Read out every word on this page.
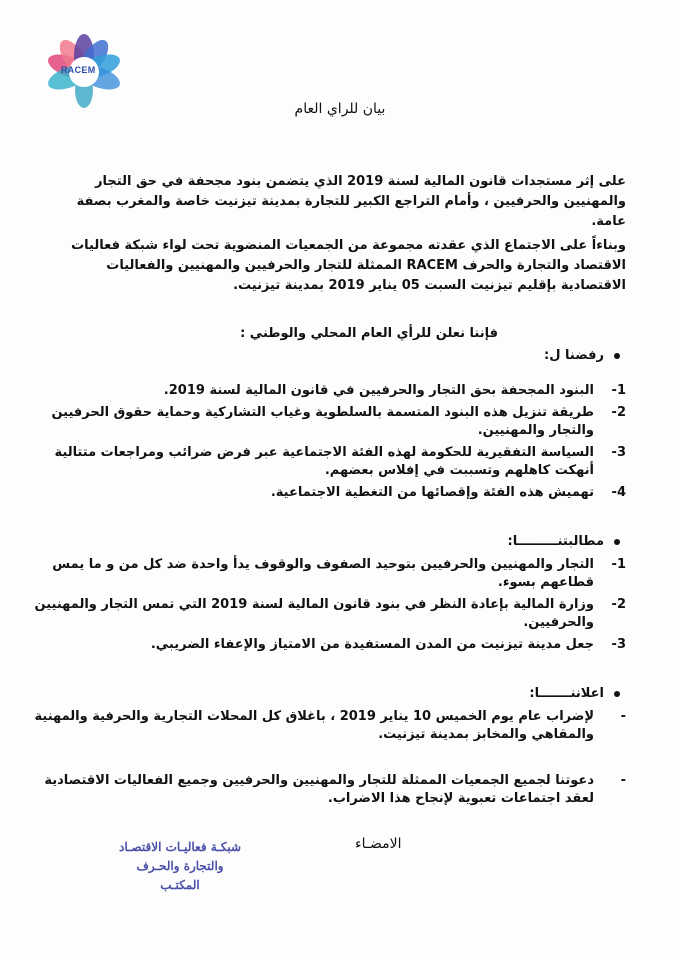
RACEM
بيان للراي العام
على إثر مستجدات قانون المالية لسنة 2019 الذي يتضمن بنود مجحفة في حق التجار والمهنيين والحرفيين ، وأمام التراجع الكبير للتجارة بمدينة تيزنيت خاصة والمغرب بصفة عامة.
وبناءاً على الاجتماع الذي عقدته مجموعة من الجمعيات المنضوية تحت لواء شبكة فعاليات الاقتصاد والتجارة والحرف RACEM الممثلة للتجار والحرفيين والمهنيين والفعاليات الاقتصادية بإقليم تيزنيت السبت 05 يناير 2019 بمدينة تيزنيت.
فإننا نعلن للرأي العام المحلي والوطني :
رفضنا ل:
-1
البنود المجحفة بحق التجار والحرفيين في قانون المالية لسنة 2019.
-2
طريقة تنزيل هذه البنود المتسمة بالسلطوية وغياب التشاركية وحماية حقوق الحرفيين والتجار والمهنيين.
-3
السياسة التفقيرية للحكومة لهذه الفئة الاجتماعية عبر فرض ضرائب ومراجعات متتالية أنهكت كاهلهم وتسببت في إفلاس بعضهم.
-4
تهميش هذه الفئة وإقصائها من التغطية الاجتماعية.
مطالبتنـــــــــا:
-1
التجار والمهنيين والحرفيين بتوحيد الصفوف والوقوف يدأ واحدة ضد كل من و ما يمس قطاعهم بسوء.
-2
وزارة المالية بإعادة النظر في بنود قانون المالية لسنة 2019 التي تمس التجار والمهنيين والحرفيين.
-3
جعل مدينة تيزنيت من المدن المستفيدة من الامتياز والإعفاء الضريبي.
اعلاننـــــــا:
-
لإضراب عام يوم الخميس 10 يناير 2019 ، باغلاق كل المحلات التجارية والحرفية والمهنية والمقاهي والمخابز بمدينة تيزنيت.
-
دعوتنا لجميع الجمعيات الممثلة للتجار والمهنيين والحرفيين وجميع الفعاليات الاقتصادية لعقد اجتماعات تعبوية لإنجاح هذا الاضراب.
الامضـاء
شبكـة فعاليـات الاقتصـاد
والتجارة والحـرف
المكتـب
